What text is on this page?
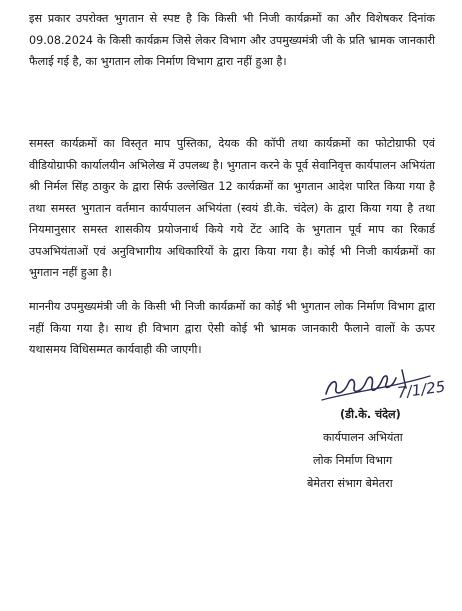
इस प्रकार उपरोक्त भुगतान से स्पष्ट है कि किसी भी निजी कार्यक्रमों का और विशेषकर दिनांक 09.08.2024 के किसी कार्यक्रम जिसे लेकर विभाग और उपमुख्यमंत्री जी के प्रति भ्रामक जानकारी फैलाई गई है, का भुगतान लोक निर्माण विभाग द्वारा नहीं हुआ है।

समस्त कार्यक्रमों का विस्तृत माप पुस्तिका, देयक की कॉपी तथा कार्यक्रमों का फोटोग्राफी एवं वीडियोग्राफी कार्यालयीन अभिलेख में उपलब्ध है। भुगतान करने के पूर्व सेवानिवृत्त कार्यपालन अभियंता श्री निर्मल सिंह ठाकुर के द्वारा सिर्फ उल्लेखित 12 कार्यक्रमों का भुगतान आदेश पारित किया गया है तथा समस्त भुगतान वर्तमान कार्यपालन अभियंता (स्वयं डी.के. चंदेल) के द्वारा किया गया है तथा नियमानुसार समस्त शासकीय प्रयोजनार्थ किये गये टेंट आदि के भुगतान पूर्व माप का रिकार्ड उपअभियंताओं एवं अनुविभागीय अधिकारियों के द्वारा किया गया है। कोई भी निजी कार्यक्रमों का भुगतान नहीं हुआ है।

माननीय उपमुख्यमंत्री जी के किसी भी निजी कार्यक्रमों का कोई भी भुगतान लोक निर्माण विभाग द्वारा नहीं किया गया है। साथ ही विभाग द्वारा ऐसी कोई भी भ्रामक जानकारी फैलाने वालों के ऊपर यथासमय विधिसम्मत कार्यवाही की जाएगी।

7/1/25
(डी.के. चंदेल)
कार्यपालन अभियंता
लोक निर्माण विभाग
बेमेतरा संभाग बेमेतरा
